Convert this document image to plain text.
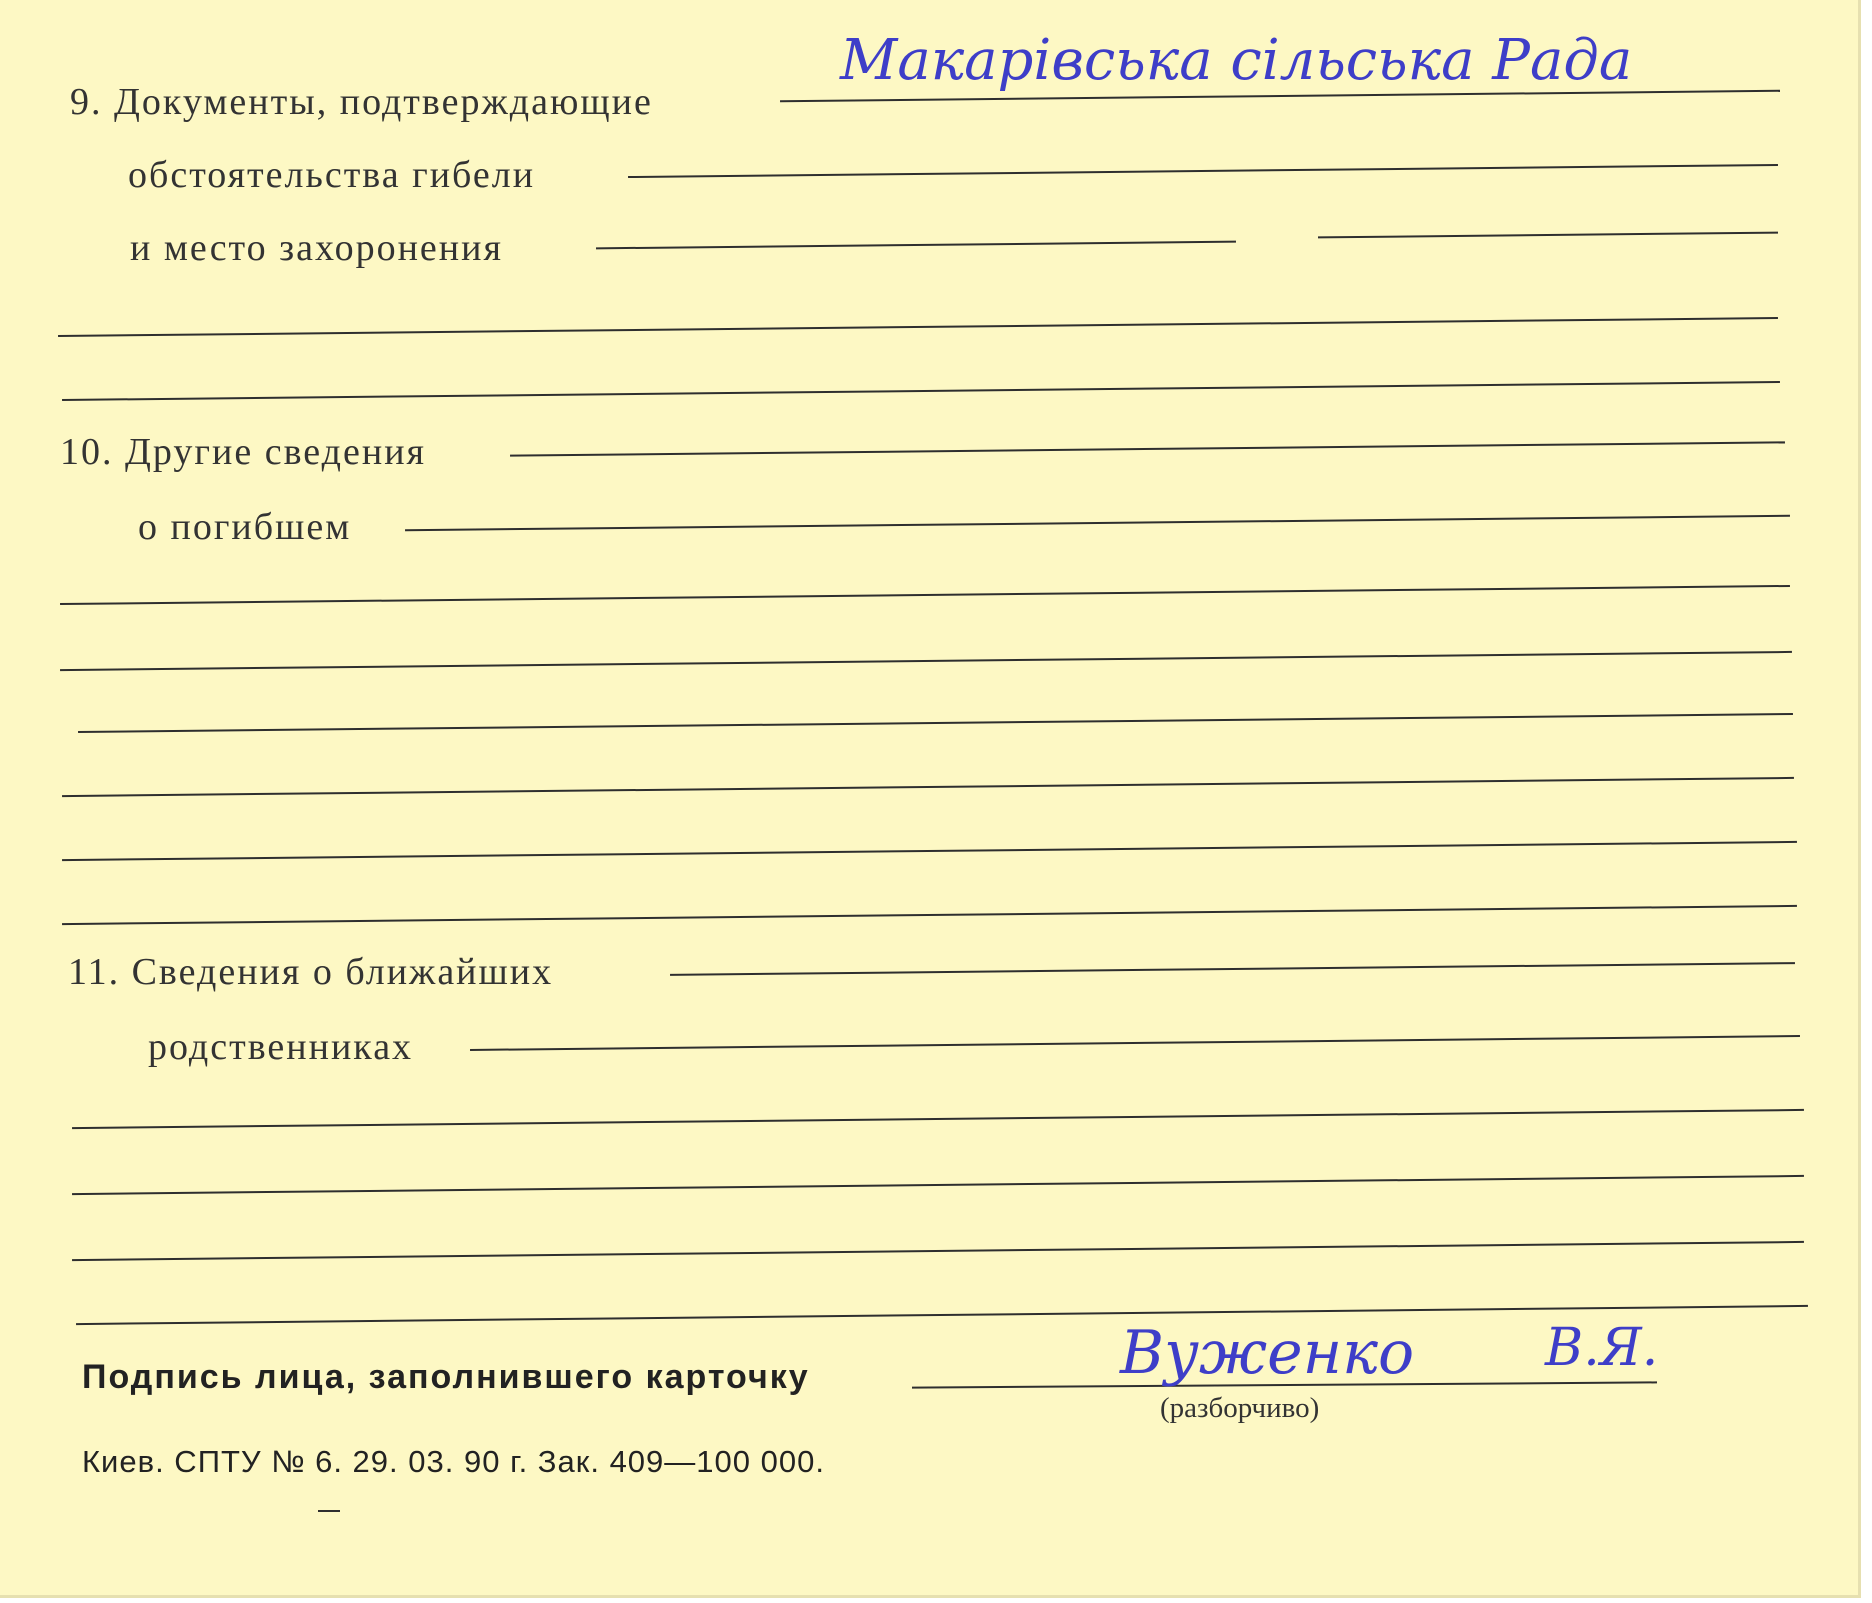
9. Документы, подтверждающие
Макарівська сільська Рада
обстоятельства гибели
и место захоронения
10. Другие сведения
о погибшем
11. Сведения о ближайших
родственниках
Подпись лица, заполнившего карточку	Вуженко	В.Я.
(разборчиво)
Киев. СПТУ № 6. 29. 03. 90 г. Зак. 409—100 000.
